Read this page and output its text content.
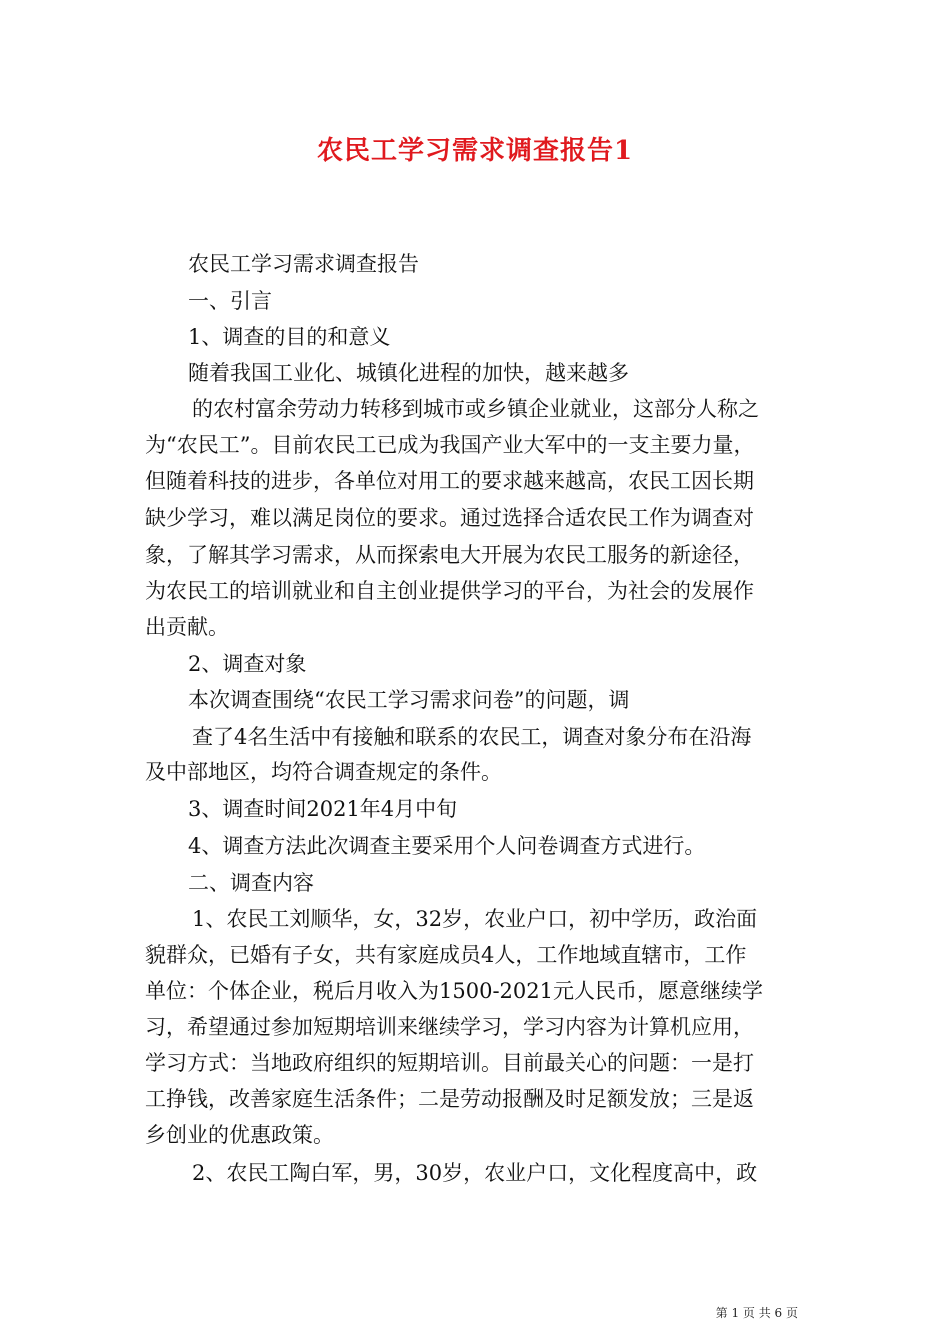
农民工学习需求调查报告1
农民工学习需求调查报告
一、引言
1、调查的目的和意义
随着我国工业化、城镇化进程的加快，越来越多
的农村富余劳动力转移到城市或乡镇企业就业，这部分人称之
为“农民工”。目前农民工已成为我国产业大军中的一支主要力量，
但随着科技的进步，各单位对用工的要求越来越高，农民工因长期
缺少学习，难以满足岗位的要求。通过选择合适农民工作为调查对
象，了解其学习需求，从而探索电大开展为农民工服务的新途径，
为农民工的培训就业和自主创业提供学习的平台，为社会的发展作
出贡献。
2、调查对象
本次调查围绕“农民工学习需求问卷”的问题，调
查了4名生活中有接触和联系的农民工，调查对象分布在沿海
及中部地区，均符合调查规定的条件。
3、调查时间2021年4月中旬
4、调查方法此次调查主要采用个人问卷调查方式进行。
二、调查内容
1、农民工刘顺华，女，32岁，农业户口，初中学历，政治面
貌群众，已婚有子女，共有家庭成员4人，工作地域直辖市，工作
单位：个体企业，税后月收入为1500-2021元人民币，愿意继续学
习，希望通过参加短期培训来继续学习，学习内容为计算机应用，
学习方式：当地政府组织的短期培训。目前最关心的问题：一是打
工挣钱，改善家庭生活条件；二是劳动报酬及时足额发放；三是返
乡创业的优惠政策。
2、农民工陶白军，男，30岁，农业户口，文化程度高中，政
第 1 页 共 6 页
